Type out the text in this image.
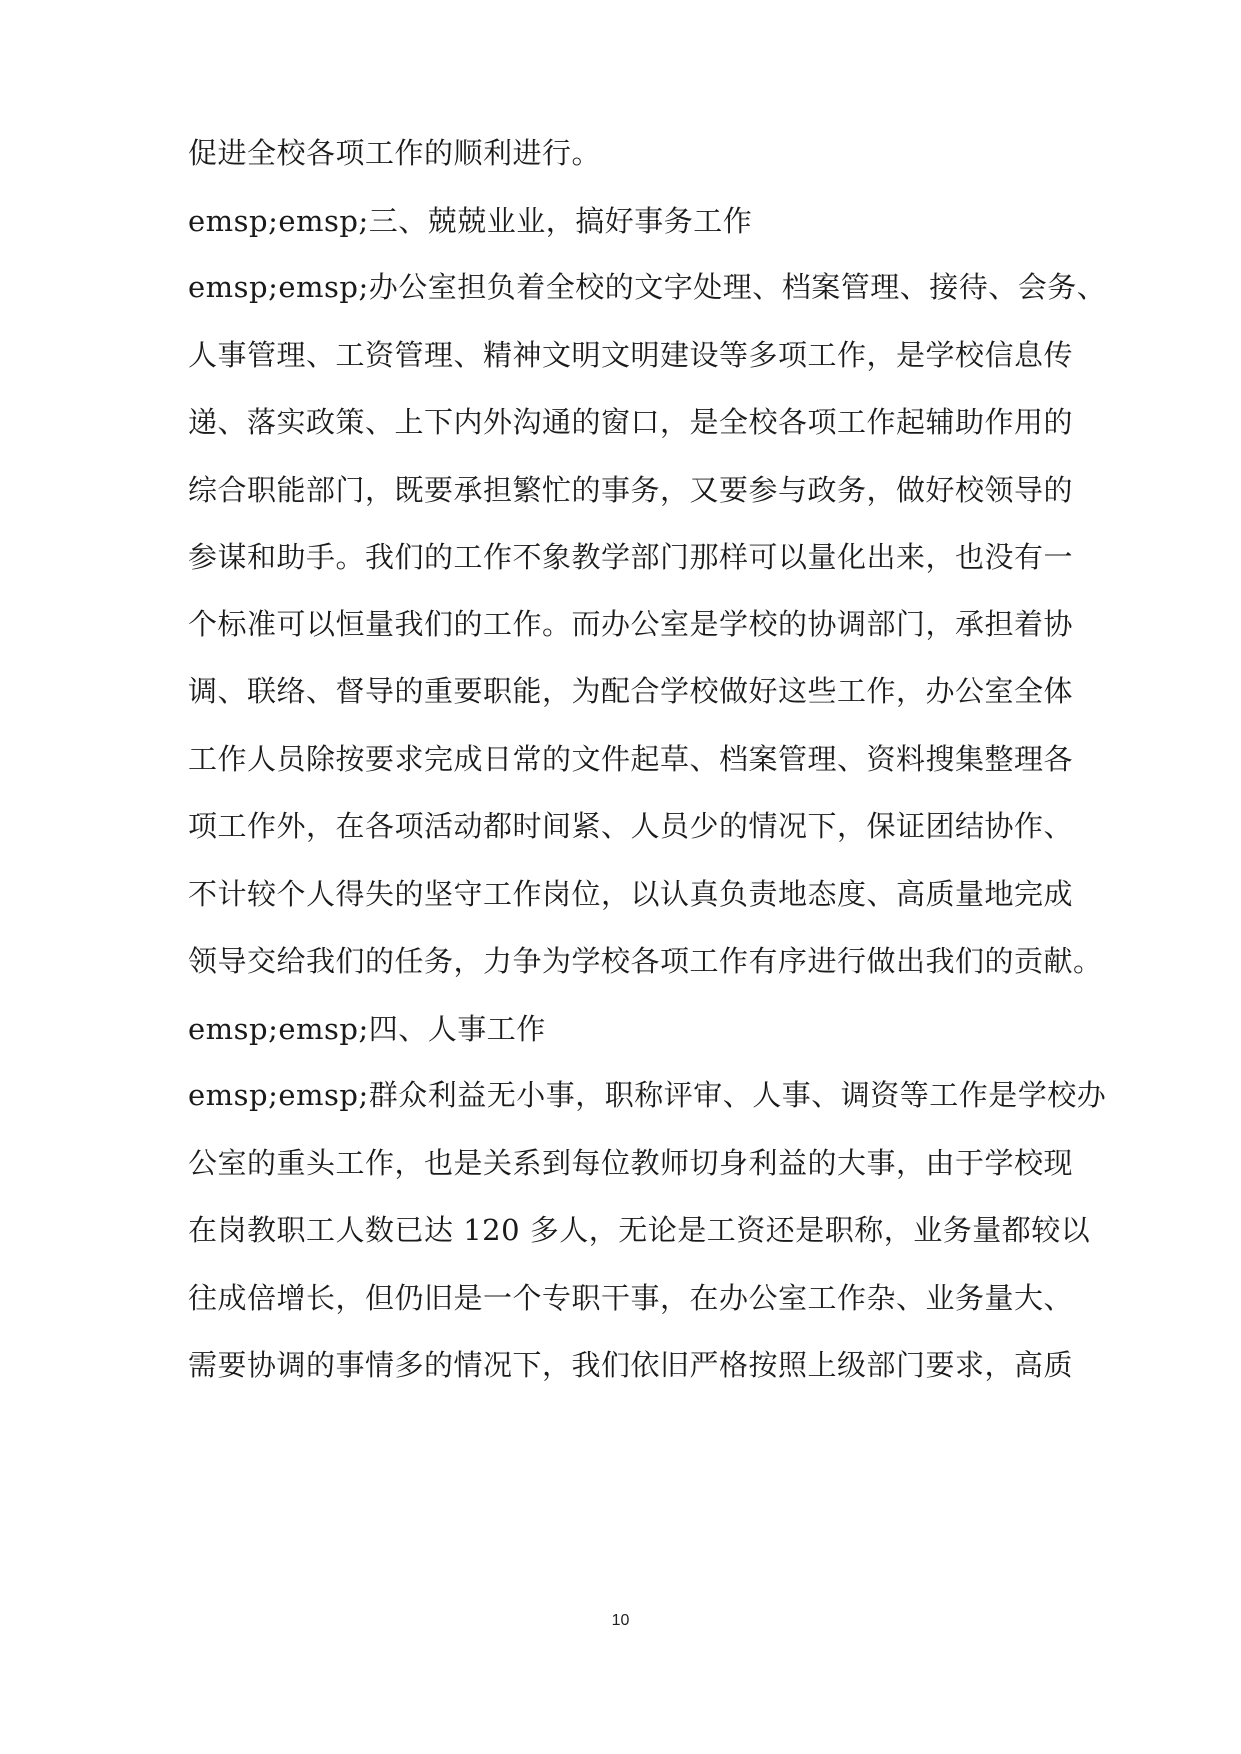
促进全校各项工作的顺利进行。
emsp;emsp;三、兢兢业业，搞好事务工作
emsp;emsp;办公室担负着全校的文字处理、档案管理、接待、会务、
人事管理、工资管理、精神文明文明建设等多项工作，是学校信息传
递、落实政策、上下内外沟通的窗口，是全校各项工作起辅助作用的
综合职能部门，既要承担繁忙的事务，又要参与政务，做好校领导的
参谋和助手。我们的工作不象教学部门那样可以量化出来，也没有一
个标准可以恒量我们的工作。而办公室是学校的协调部门，承担着协
调、联络、督导的重要职能，为配合学校做好这些工作，办公室全体
工作人员除按要求完成日常的文件起草、档案管理、资料搜集整理各
项工作外，在各项活动都时间紧、人员少的情况下，保证团结协作、
不计较个人得失的坚守工作岗位，以认真负责地态度、高质量地完成
领导交给我们的任务，力争为学校各项工作有序进行做出我们的贡献。
emsp;emsp;四、人事工作
emsp;emsp;群众利益无小事，职称评审、人事、调资等工作是学校办
公室的重头工作，也是关系到每位教师切身利益的大事，由于学校现
在岗教职工人数已达 120 多人，无论是工资还是职称，业务量都较以
往成倍增长，但仍旧是一个专职干事，在办公室工作杂、业务量大、
需要协调的事情多的情况下，我们依旧严格按照上级部门要求，高质
10
